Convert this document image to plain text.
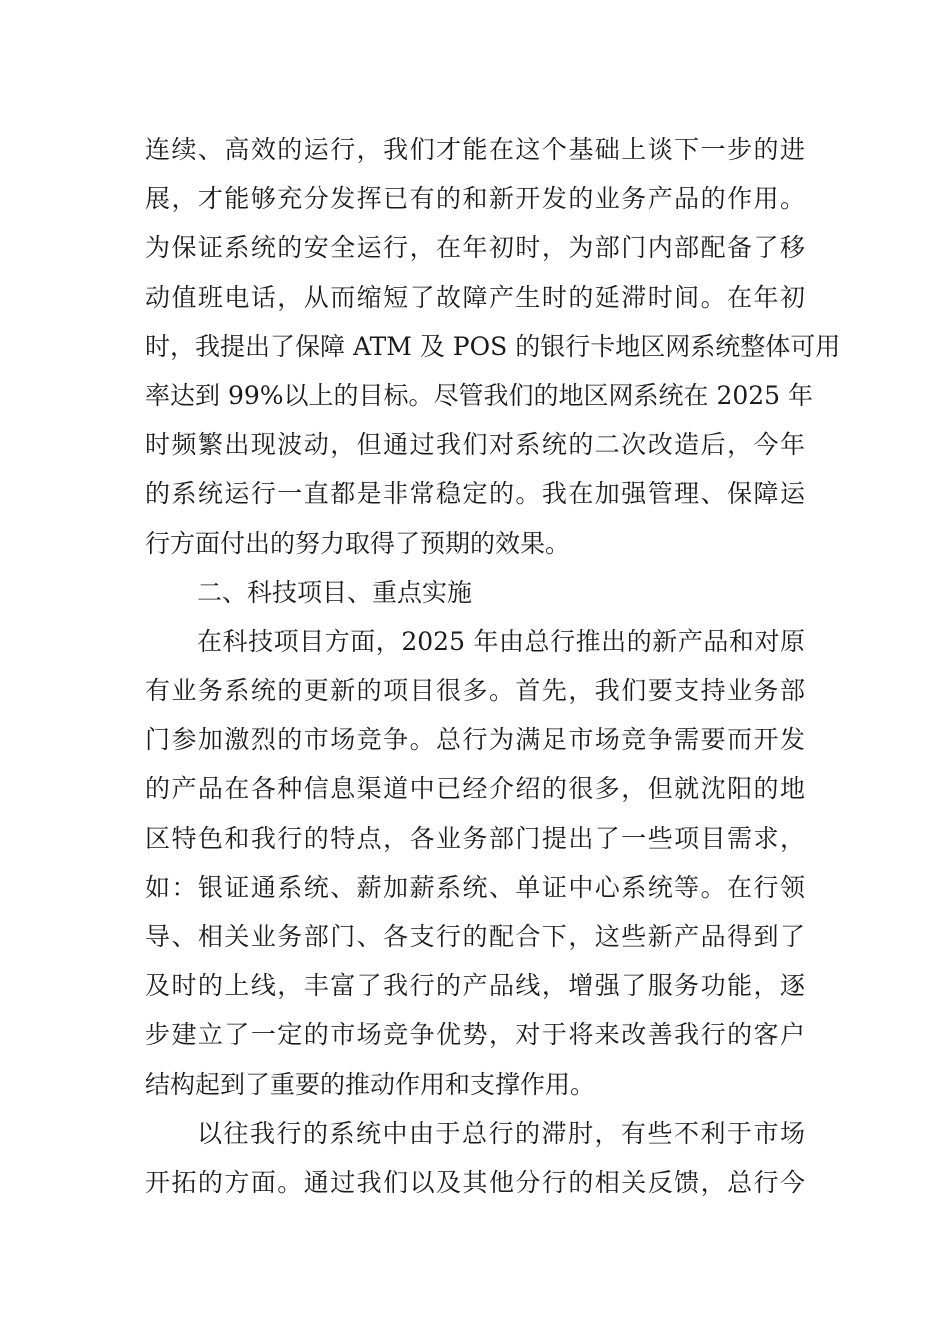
连续、高效的运行，我们才能在这个基础上谈下一步的进
展，才能够充分发挥已有的和新开发的业务产品的作用。
为保证系统的安全运行，在年初时，为部门内部配备了移
动值班电话，从而缩短了故障产生时的延滞时间。在年初
时，我提出了保障 ATM 及 POS 的银行卡地区网系统整体可用
率达到 99%以上的目标。尽管我们的地区网系统在 2025 年
时频繁出现波动，但通过我们对系统的二次改造后，今年
的系统运行一直都是非常稳定的。我在加强管理、保障运
行方面付出的努力取得了预期的效果。
二、科技项目、重点实施
在科技项目方面，2025 年由总行推出的新产品和对原
有业务系统的更新的项目很多。首先，我们要支持业务部
门参加激烈的市场竞争。总行为满足市场竞争需要而开发
的产品在各种信息渠道中已经介绍的很多，但就沈阳的地
区特色和我行的特点，各业务部门提出了一些项目需求，
如：银证通系统、薪加薪系统、单证中心系统等。在行领
导、相关业务部门、各支行的配合下，这些新产品得到了
及时的上线，丰富了我行的产品线，增强了服务功能，逐
步建立了一定的市场竞争优势，对于将来改善我行的客户
结构起到了重要的推动作用和支撑作用。
以往我行的系统中由于总行的滞肘，有些不利于市场
开拓的方面。通过我们以及其他分行的相关反馈，总行今
